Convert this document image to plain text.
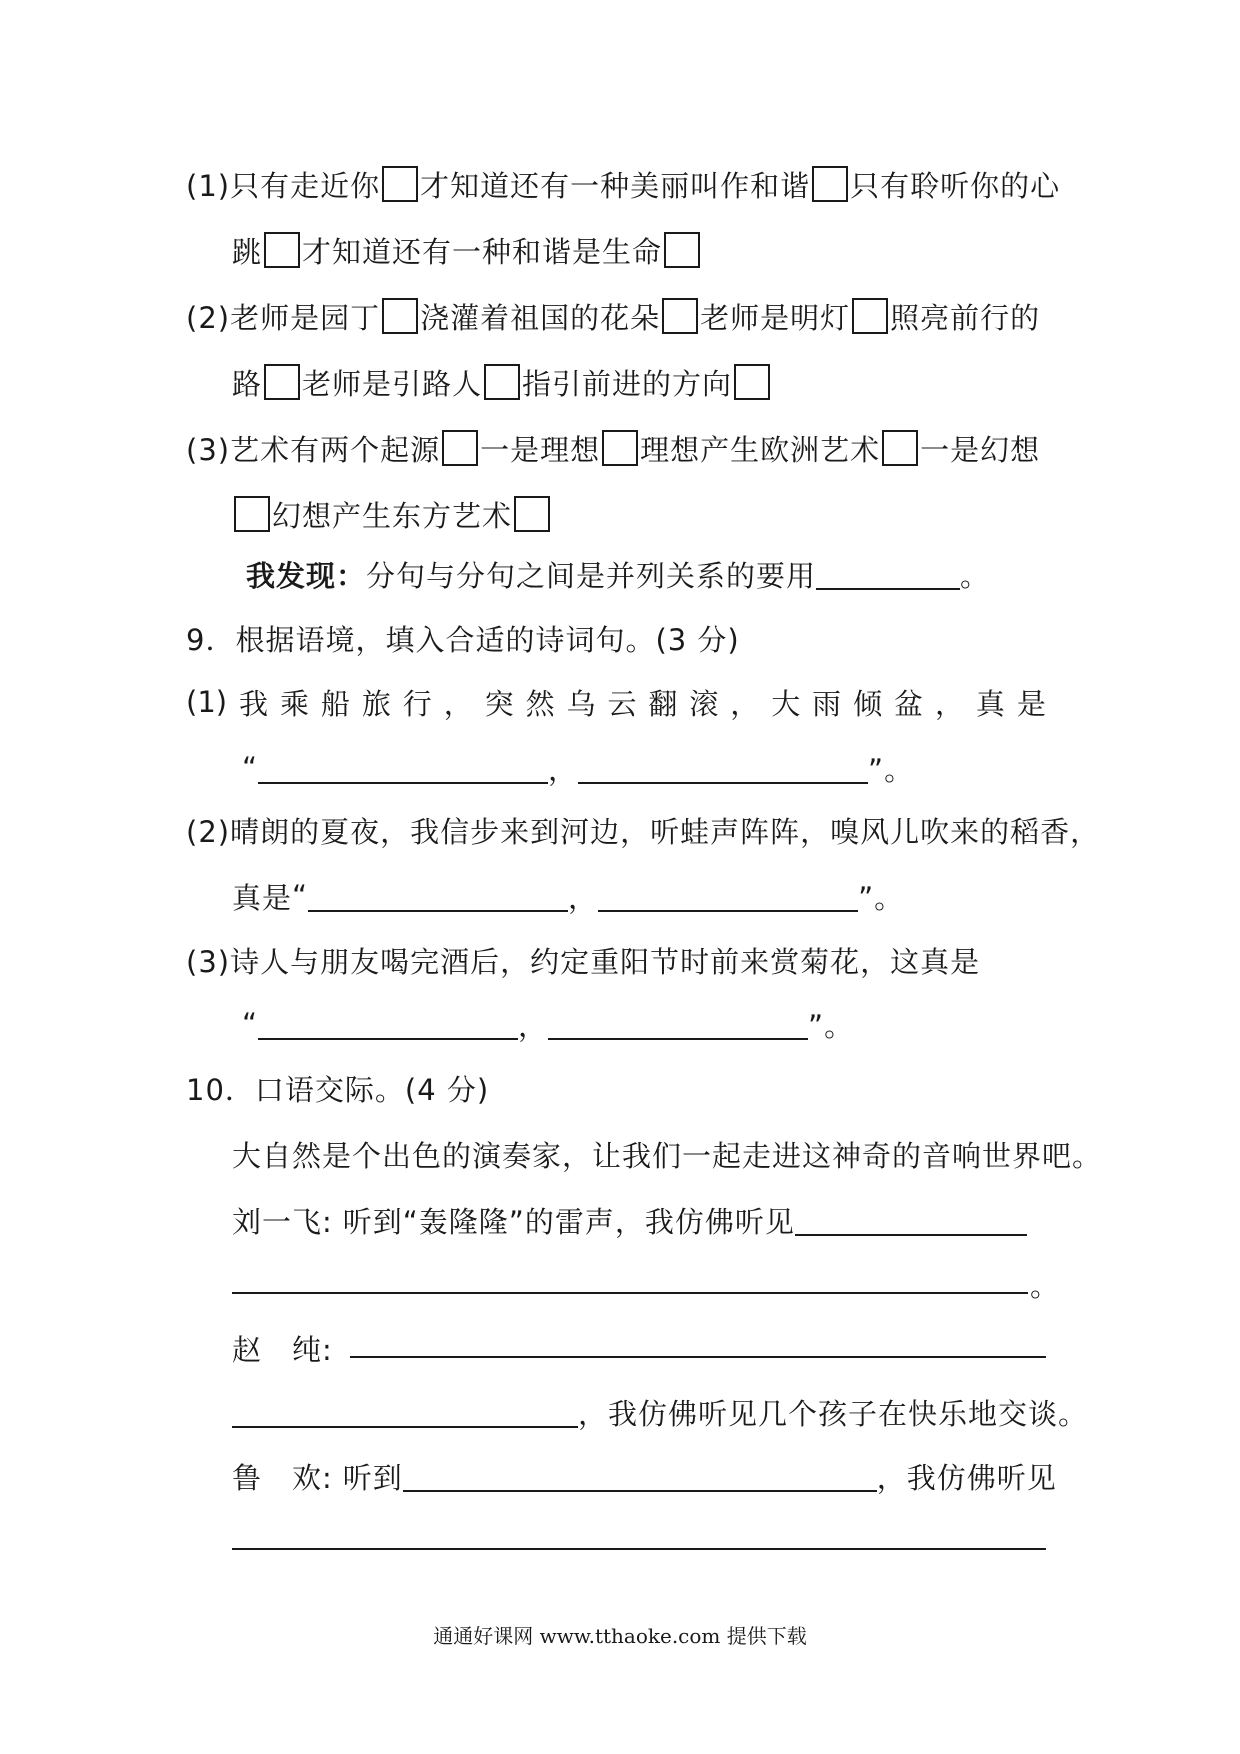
(1)只有走近你 才知道还有一种美丽叫作和谐 只有聆听你的心
跳 才知道还有一种和谐是生命
(2)老师是园丁 浇灌着祖国的花朵 老师是明灯 照亮前行的
路 老师是引路人 指引前进的方向
(3)艺术有两个起源 一是理想 理想产生欧洲艺术 一是幻想
幻想产生东方艺术
我发现： 分句与分句之间是并列关系的要用	。
9．根据语境，填入合适的诗词句。(3 分)
(1) 我 乘 船 旅 行 ， 突 然 乌 云 翻 滚 ， 大 雨 倾 盆 ， 真 是
“	，	”。
(2)晴朗的夏夜，我信步来到河边，听蛙声阵阵，嗅风儿吹来的稻香，
真是 “	，	”。
(3)诗人与朋友喝完酒后，约定重阳节时前来赏菊花，这真是
“	，	”。
10．口语交际。(4 分)
大自然是个出色的演奏家，让我们一起走进这神奇的音响世界吧。
刘一飞: 听到“轰隆隆”的雷声，我仿佛听见
。
赵　纯:
，我仿佛听见几个孩子在快乐地交谈。
鲁　欢: 听到	，我仿佛听见
通通好课网 www.tthaoke.com 提供下载
